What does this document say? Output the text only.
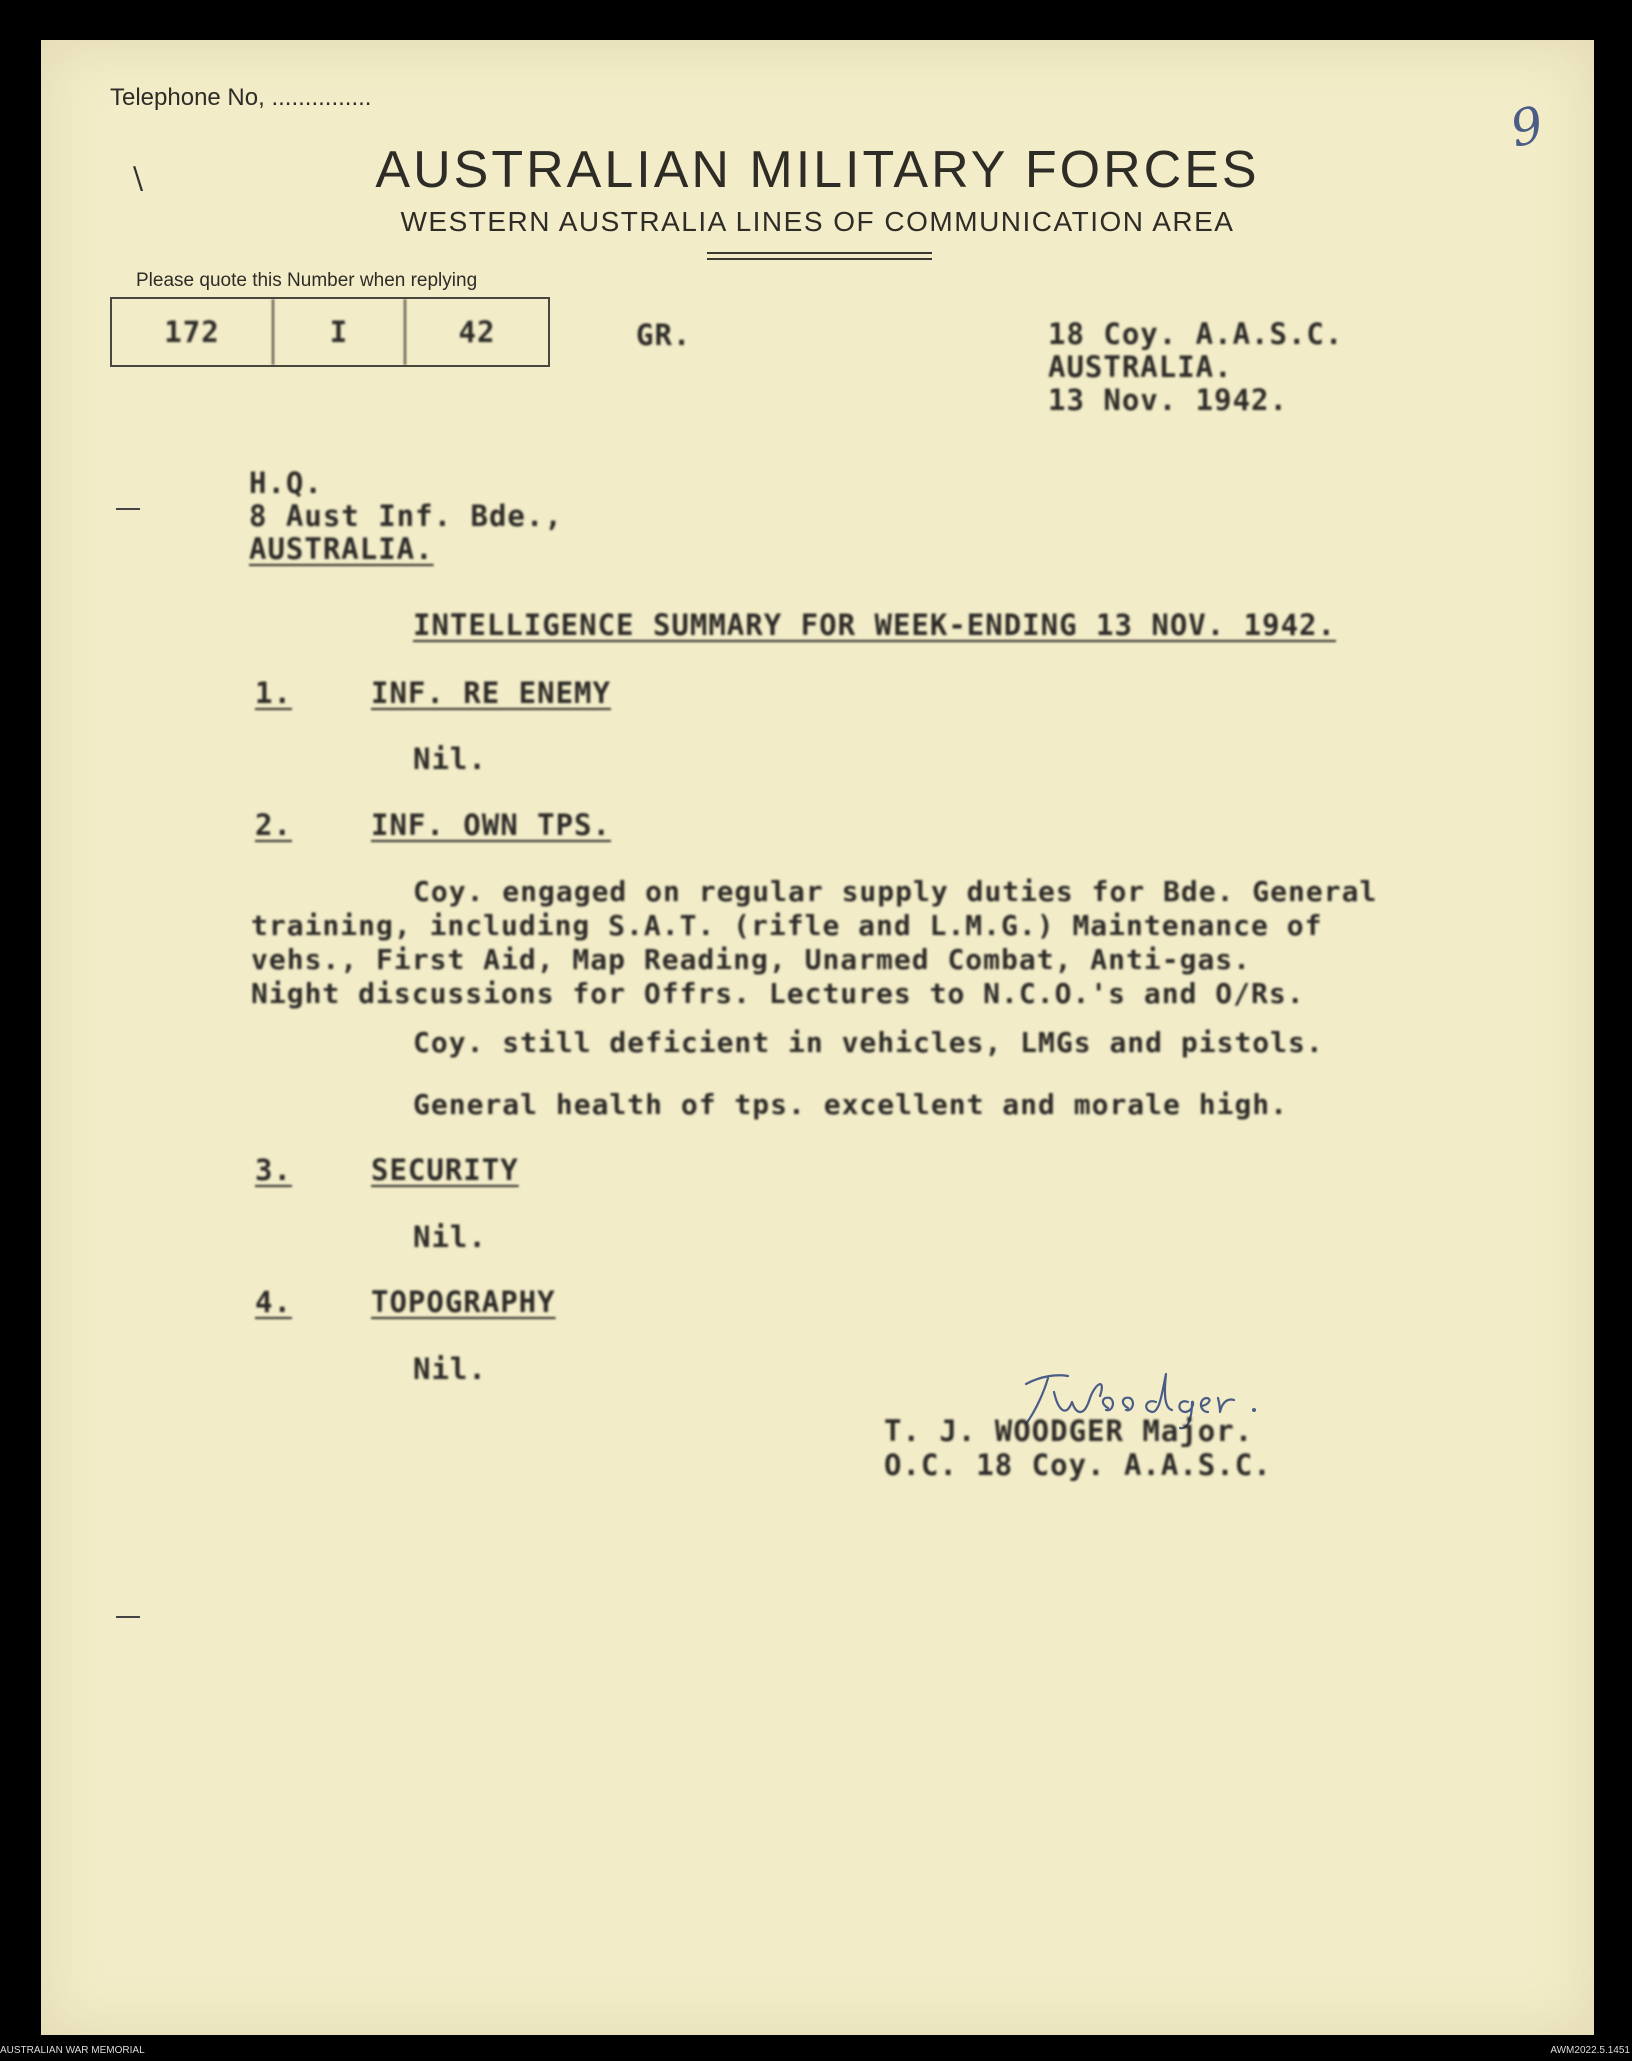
Telephone No, ...............	9

\	AUSTRALIAN MILITARY FORCES
WESTERN AUSTRALIA LINES OF COMMUNICATION AREA

Please quote this Number when replying

172	I	42	GR.	18 Coy. A.A.S.C.

AUSTRALIA.

13 Nov. 1942.

H.Q.

8 Aust Inf. Bde.,

AUSTRALIA.

INTELLIGENCE SUMMARY FOR WEEK-ENDING 13 NOV. 1942.

1.	INF. RE ENEMY

Nil.

2.	INF. OWN TPS.

Coy. engaged on regular supply duties for Bde. General
training, including S.A.T. (rifle and L.M.G.) Maintenance of
vehs., First Aid, Map Reading, Unarmed Combat, Anti-gas.
Night discussions for Offrs. Lectures to N.C.O.'s and O/Rs.

Coy. still deficient in vehicles, LMGs and pistols.

General health of tps. excellent and morale high.

3.	SECURITY

Nil.

4.	TOPOGRAPHY

Nil.

T. J. WOODGER Major.

O.C. 18 Coy. A.A.S.C.

AUSTRALIAN WAR MEMORIAL	AWM2022.5.1451
